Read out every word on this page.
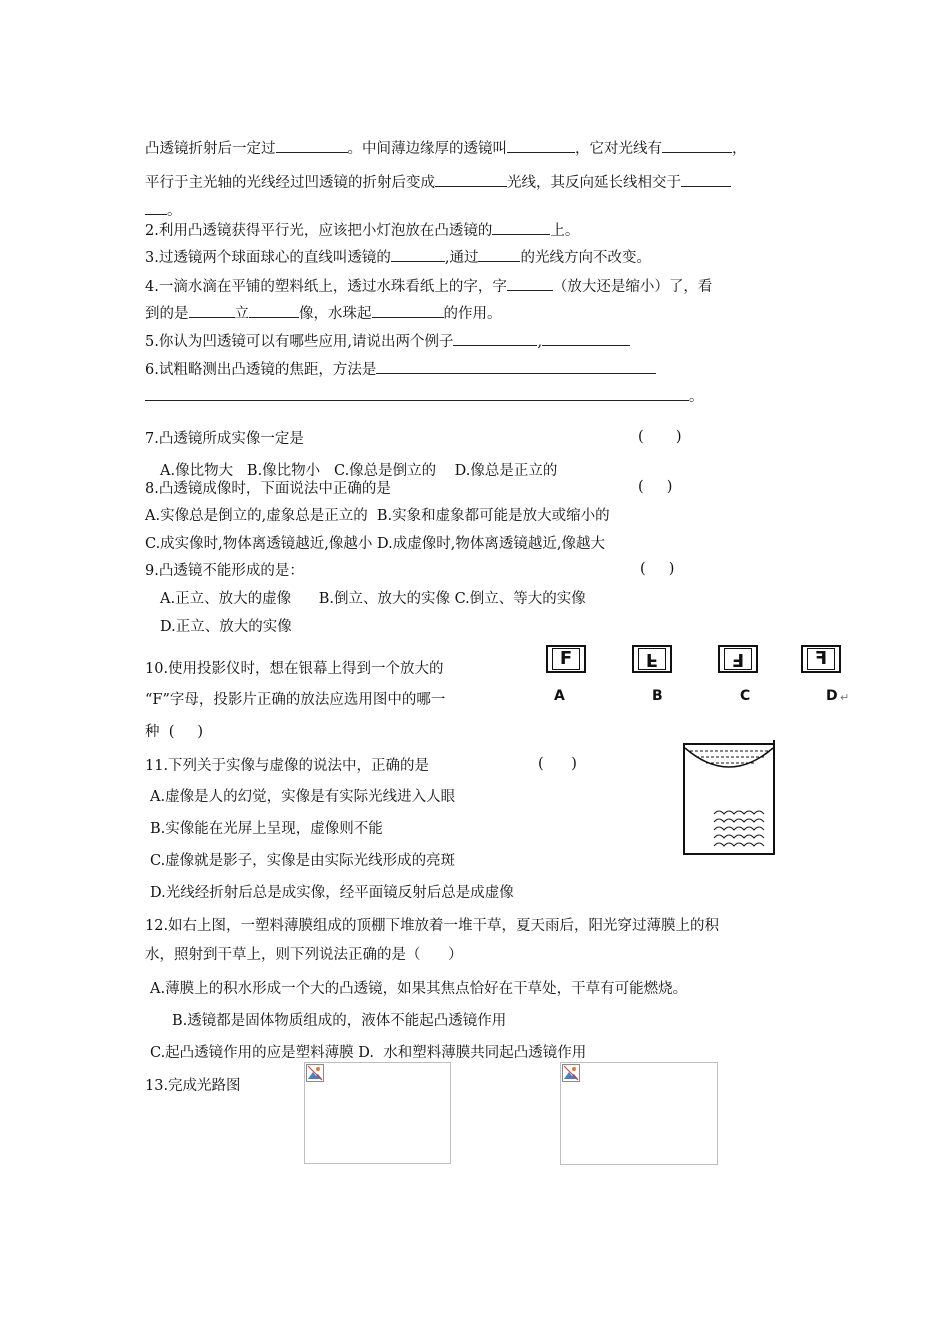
凸透镜折射后一定过	。中间薄边缘厚的透镜叫	，它对光线有	，
平行于主光轴的光线经过凹透镜的折射后变成	光线，其反向延长线相交于
。
2.利用凸透镜获得平行光，应该把小灯泡放在凸透镜的	上。
3.过透镜两个球面球心的直线叫透镜的	,通过	的光线方向不改变。
4.一滴水滴在平铺的塑料纸上，透过水珠看纸上的字，字	（放大还是缩小）了，看
到的是	立	像，水珠起	的作用。
5.你认为凹透镜可以有哪些应用,请说出两个例子	,
6.试粗略测出凸透镜的焦距，方法是
。
7.凸透镜所成实像一定是	(       )
A.像比物大   B.像比物小   C.像总是倒立的    D.像总是正立的
8.凸透镜成像时，下面说法中正确的是	(     )
A.实像总是倒立的,虚象总是正立的  B.实象和虚象都可能是放大或缩小的
C.成实像时,物体离透镜越近,像越小 D.成虚像时,物体离透镜越近,像越大
9.凸透镜不能形成的是：	(     )
A.正立、放大的虚像      B.倒立、放大的实像 C.倒立、等大的实像
D.正立、放大的实像
10.使用投影仪时，想在银幕上得到一个放大的
“F”字母，投影片正确的放法应选用图中的哪一
种  (     )
F	F	F	F
A	B	C	D ↵
11.下列关于实像与虚像的说法中，正确的是	(      )
A.虚像是人的幻觉，实像是有实际光线进入人眼
B.实像能在光屏上呈现，虚像则不能
C.虚像就是影子，实像是由实际光线形成的亮斑
D.光线经折射后总是成实像，经平面镜反射后总是成虚像
12.如右上图，一塑料薄膜组成的顶棚下堆放着一堆干草，夏天雨后，阳光穿过薄膜上的积
水，照射到干草上，则下列说法正确的是（      ）
A.薄膜上的积水形成一个大的凸透镜，如果其焦点恰好在干草处，干草有可能燃烧。
B.透镜都是固体物质组成的，液体不能起凸透镜作用
C.起凸透镜作用的应是塑料薄膜 D.  水和塑料薄膜共同起凸透镜作用
13.完成光路图
